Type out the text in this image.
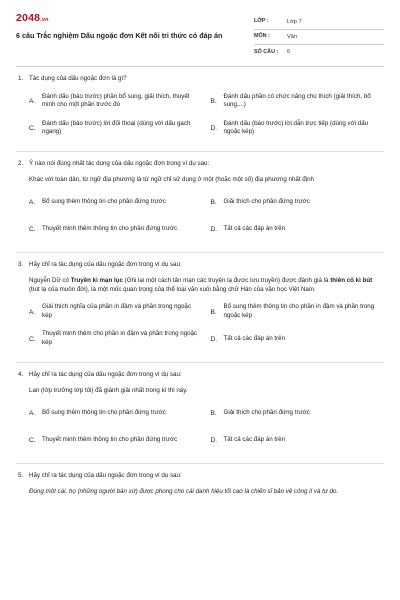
2048.vn
6 câu Trắc nghiệm Dấu ngoặc đơn Kết nối tri thức có đáp án
LỚP :	Lớp 7
MÔN :	Văn
SỐ CÂU :	6
1. Tác dụng của dấu ngoặc đơn là gì?
A.
Đánh dấu (báo trước) phần bổ sung, giải thích, thuyết minh cho một phần trước đó
B.
Đánh dấu phần có chức năng chú thích (giải thích, bổ sung,...)
C.
Đánh dấu (báo trước) lời đối thoại (dùng với dấu gạch ngang)
D.
Đánh dấu (báo trước) lời dẫn trực tiếp (dùng với dấu ngoặc kép)
2. Ý nào nói đúng nhất tác dụng của dấu ngoặc đơn trong ví dụ sau:
Khác với toàn dân, từ ngữ địa phương là từ ngữ chỉ sử dụng ở một (hoặc một số) địa phương nhất định
A.	Bổ sung thêm thông tin cho phần đứng trước	B.	Giải thích cho phần đứng trước
C.	Thuyết minh thêm thông tin cho phần đứng trước	D.	Tất cả các đáp án trên
3. Hãy chỉ ra tác dụng của dấu ngoặc đơn trong ví dụ sau:
Nguyễn Dữ có Truyền kì mạn lục (Ghi lại một cách tản mạn các truyện lạ được lưu truyền) được đánh giá là thiên cổ kì bút (bút lạ của muôn đời), là một mốc quan trọng của thể loại văn xuôi bằng chữ Hán của văn học Việt Nam.
A.
Giải thích nghĩa của phần in đậm và phần trong ngoặc kép
B.
Bổ sung thêm thông tin cho phần in đậm và phần trong ngoặc kép
C.
Thuyết minh thêm cho phần in đậm và phần trong ngoặc kép
D.	Tất cả các đáp án trên
4. Hãy chỉ ra tác dụng của dấu ngoặc đơn trong ví dụ sau:
Lan (lớp trưởng lớp tôi) đã giành giải nhất trong kì thi này.
A.	Bổ sung thêm thông tin cho phần đứng trước	B.	Giải thích cho phần đứng trước
C.	Thuyết minh thêm thông tin cho phần đứng trước	D.	Tất cả các đáp án trên
5. Hãy chỉ ra tác dụng của dấu ngoặc đơn trong ví dụ sau:
Đúng một cái, họ (những người bán xứ) được phong cho cái danh hiệu tối cao là chiến sĩ bảo vệ công lí và tự do.
